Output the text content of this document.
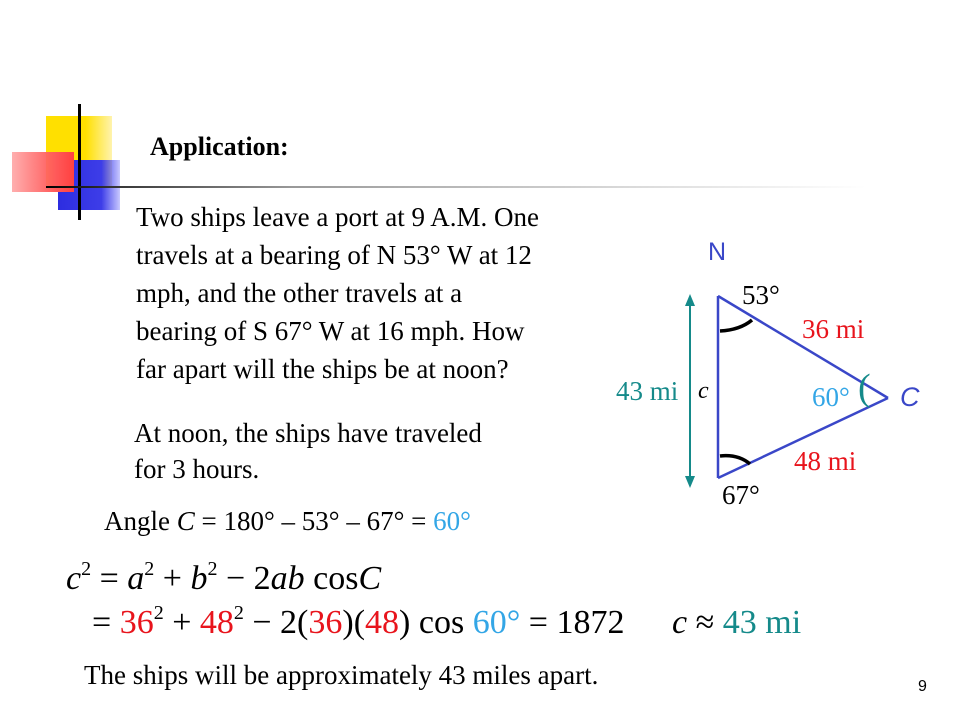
Application:
Two ships leave a port at 9 A.M. One
travels at a bearing of N 53° W at 12
mph, and the other travels at a
bearing of S 67° W at 16 mph. How
far apart will the ships be at noon?
At noon, the ships have traveled
for 3 hours.
Angle C = 180° – 53° – 67° = 60°
$c^2 = a^2 + b^2 - 2ab$ cosC
= $36^2 + 48^2 - 2(36)(48)$ cos 60° = 1872 c ≈ 43 mi
The ships will be approximately 43 miles apart.	9
N
53°
36 mi
60° ( C
43 mi c
48 mi
67°
